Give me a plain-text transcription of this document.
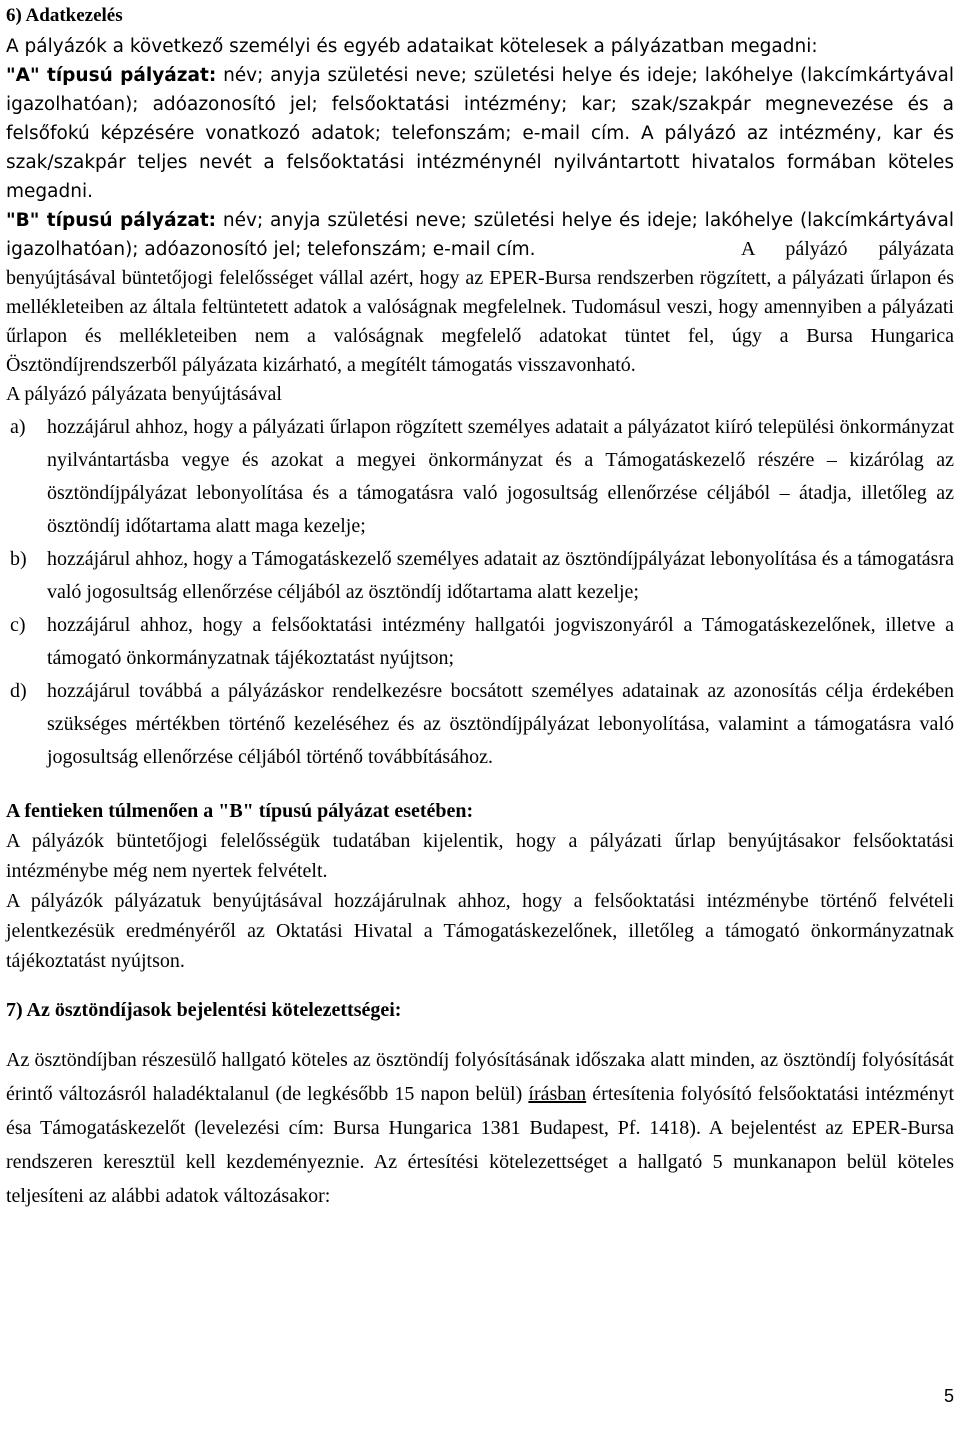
6) Adatkezelés

A pályázók a következő személyi és egyéb adataikat kötelesek a pályázatban megadni:
"A" típusú pályázat: név; anyja születési neve; születési helye és ideje; lakóhelye (lakcímkártyával igazolhatóan); adóazonosító jel; felsőoktatási intézmény; kar; szak/szakpár megnevezése és a felsőfokú képzésére vonatkozó adatok; telefonszám; e-mail cím. A pályázó az intézmény, kar és szak/szakpár teljes nevét a felsőoktatási intézménynél nyilvántartott hivatalos formában köteles megadni.
"B" típusú pályázat: név; anyja születési neve; születési helye és ideje; lakóhelye (lakcímkártyával igazolhatóan); adóazonosító jel; telefonszám; e-mail cím.	A pályázó pályázata benyújtásával büntetőjogi felelősséget vállal azért, hogy az EPER-Bursa rendszerben rögzített, a pályázati űrlapon és mellékleteiben az általa feltüntetett adatok a valóságnak megfelelnek. Tudomásul veszi, hogy amennyiben a pályázati űrlapon és mellékleteiben nem a valóságnak megfelelő adatokat tüntet fel, úgy a Bursa Hungarica Ösztöndíjrendszerből pályázata kizárható, a megítélt támogatás visszavonható.

A pályázó pályázata benyújtásával

a) hozzájárul ahhoz, hogy a pályázati űrlapon rögzített személyes adatait a pályázatot kiíró települési önkormányzat nyilvántartásba vegye és azokat a megyei önkormányzat és a Támogatáskezelő részére – kizárólag az ösztöndíjpályázat lebonyolítása és a támogatásra való jogosultság ellenőrzése céljából – átadja, illetőleg az ösztöndíj időtartama alatt maga kezelje;
b) hozzájárul ahhoz, hogy a Támogatáskezelő személyes adatait az ösztöndíjpályázat lebonyolítása és a támogatásra való jogosultság ellenőrzése céljából az ösztöndíj időtartama alatt kezelje;
c) hozzájárul ahhoz, hogy a felsőoktatási intézmény hallgatói jogviszonyáról a Támogatáskezelőnek, illetve a támogató önkormányzatnak tájékoztatást nyújtson;
d) hozzájárul továbbá a pályázáskor rendelkezésre bocsátott személyes adatainak az azonosítás célja érdekében szükséges mértékben történő kezeléséhez és az ösztöndíjpályázat lebonyolítása, valamint a támogatásra való jogosultság ellenőrzése céljából történő továbbításához.
A fentieken túlmenően a "B" típusú pályázat esetében:

A pályázók büntetőjogi felelősségük tudatában kijelentik, hogy a pályázati űrlap benyújtásakor felsőoktatási intézménybe még nem nyertek felvételt.

A pályázók pályázatuk benyújtásával hozzájárulnak ahhoz, hogy a felsőoktatási intézménybe történő felvételi jelentkezésük eredményéről az Oktatási Hivatal a Támogatáskezelőnek, illetőleg a támogató önkormányzatnak tájékoztatást nyújtson.

7) Az ösztöndíjasok bejelentési kötelezettségei:

Az ösztöndíjban részesülő hallgató köteles az ösztöndíj folyósításának időszaka alatt minden, az ösztöndíj folyósítását érintő változásról haladéktalanul (de legkésőbb 15 napon belül) írásban értesítenia folyósító felsőoktatási intézményt ésa Támogatáskezelőt (levelezési cím: Bursa Hungarica 1381 Budapest, Pf. 1418). A bejelentést az EPER-Bursa rendszeren keresztül kell kezdeményeznie. Az értesítési kötelezettséget a hallgató 5 munkanapon belül köteles teljesíteni az alábbi adatok változásakor:

5
